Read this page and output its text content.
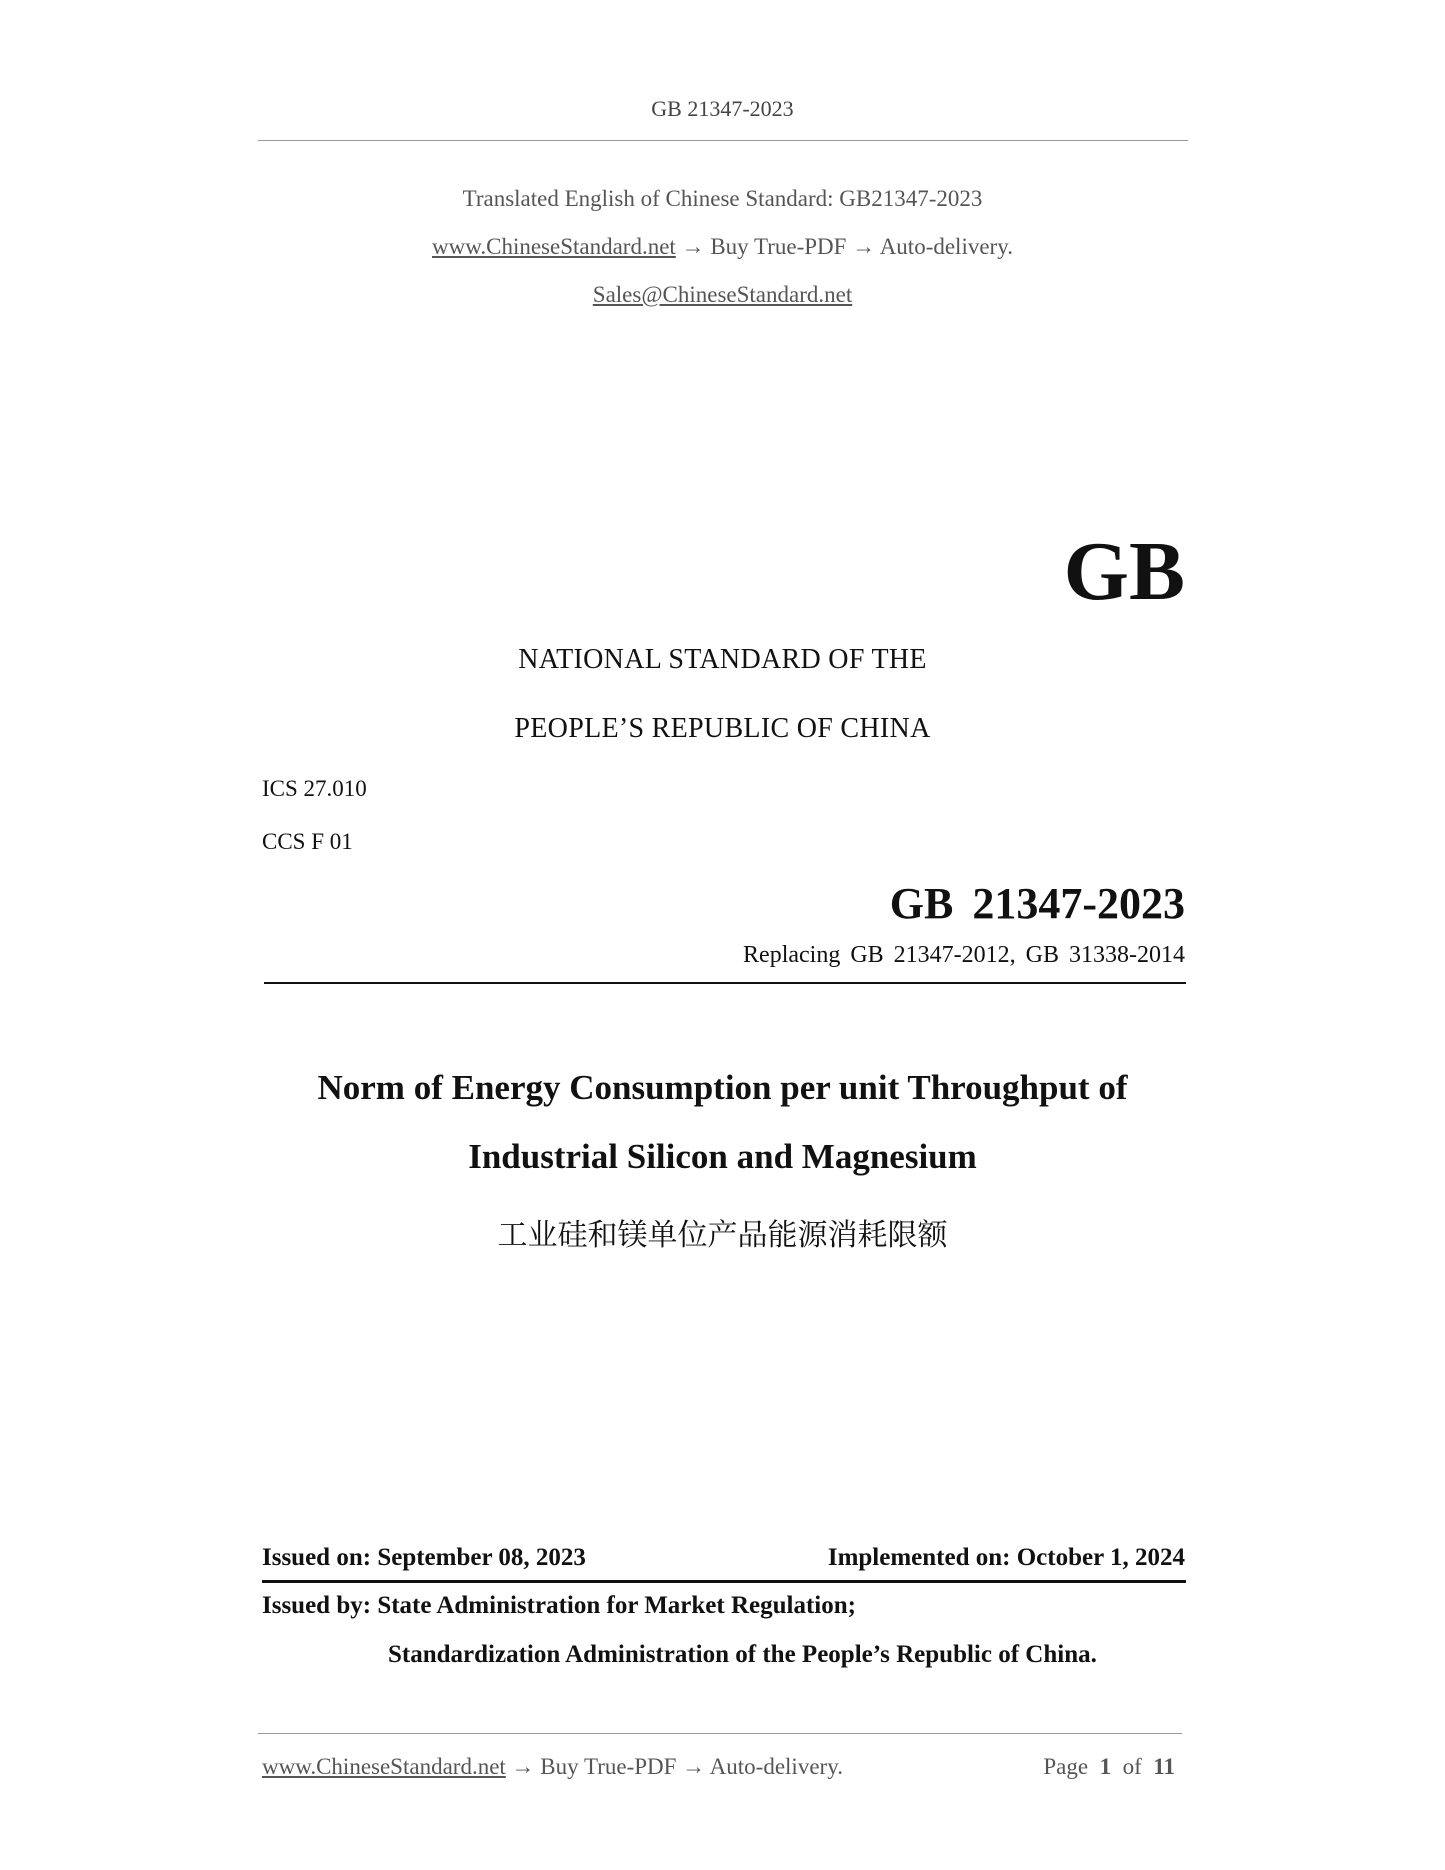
GB 21347-2023
Translated English of Chinese Standard: GB21347-2023
www.ChineseStandard.net → Buy True-PDF → Auto-delivery.
Sales@ChineseStandard.net
GB
NATIONAL STANDARD OF THE
PEOPLE’S REPUBLIC OF CHINA
ICS 27.010
CCS F 01
GB 21347-2023
Replacing GB 21347-2012, GB 31338-2014
Norm of Energy Consumption per unit Throughput of
Industrial Silicon and Magnesium
工业硅和镁单位产品能源消耗限额
Issued on: September 08, 2023	Implemented on: October 1, 2024
Issued by: State Administration for Market Regulation;
Standardization Administration of the People’s Republic of China.
www.ChineseStandard.net → Buy True-PDF → Auto-delivery.	Page 1 of 11
